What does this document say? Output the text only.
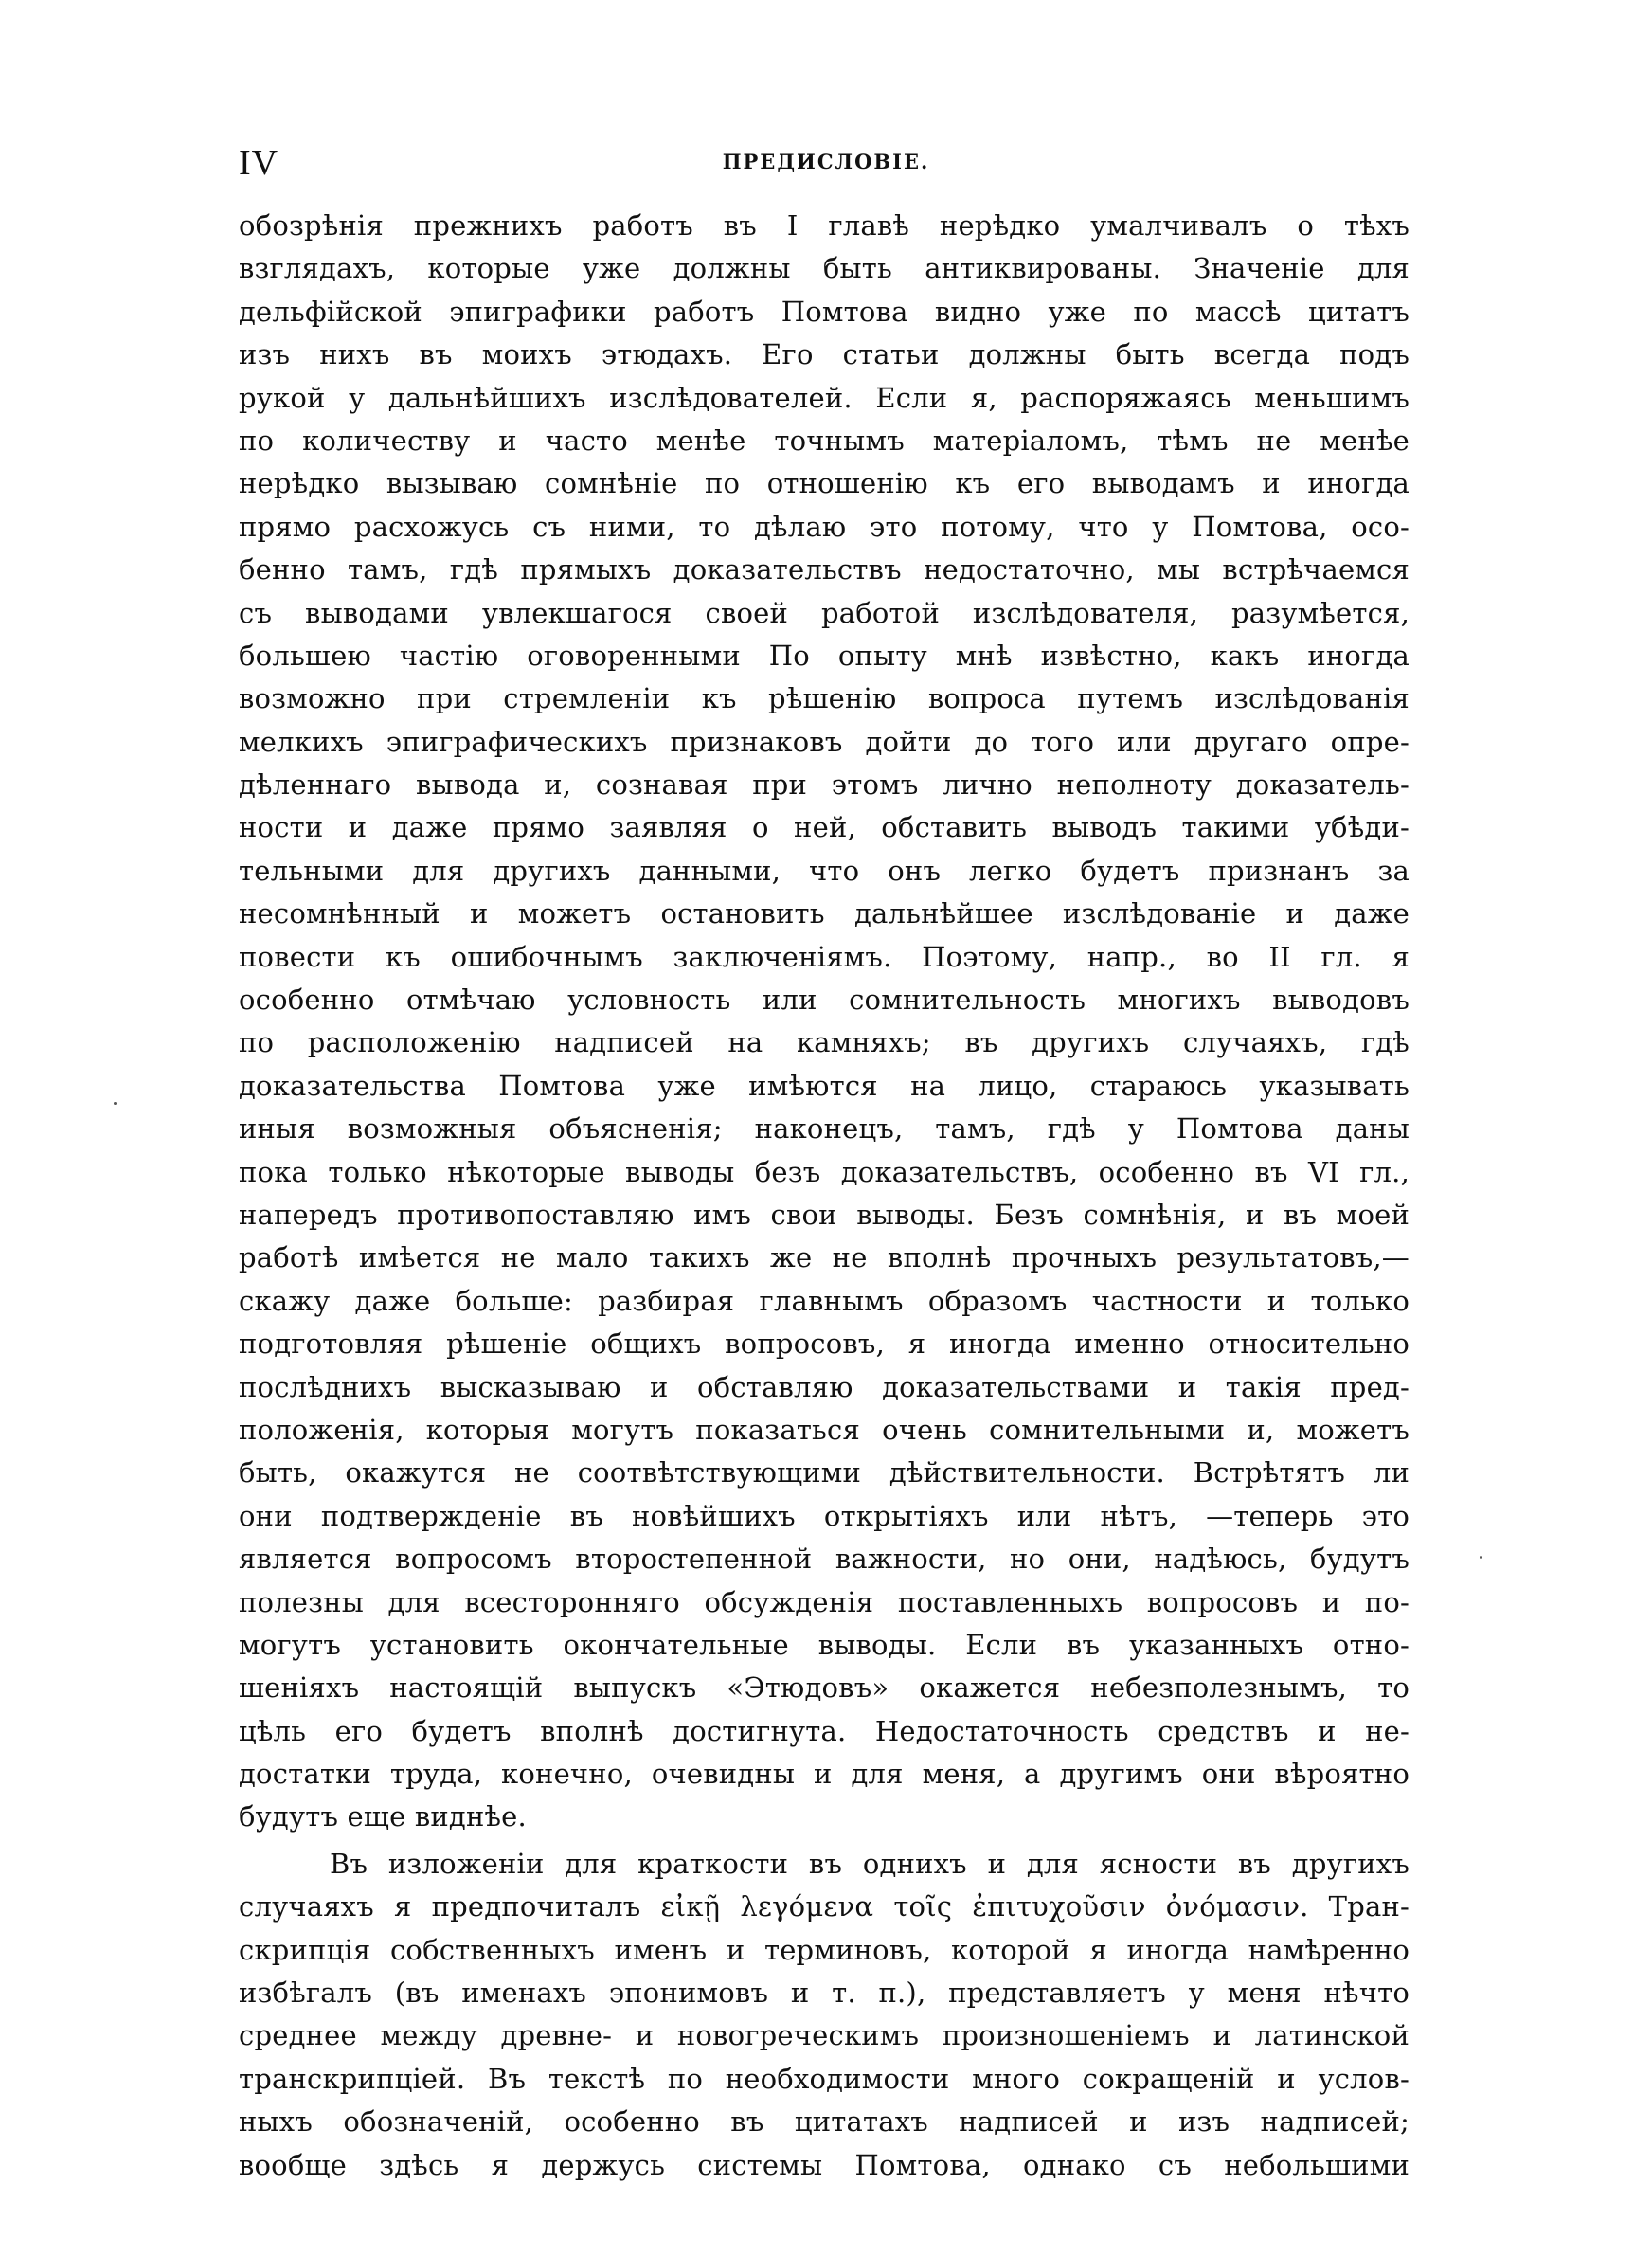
IV	ПРЕДИСЛОВІЕ.
обозрѣнія прежнихъ работъ въ I главѣ нерѣдко умалчивалъ о тѣхъ
взглядахъ, которые уже должны быть антиквированы. Значеніе для
дельфійской эпиграфики работъ Помтова видно уже по массѣ цитатъ
изъ нихъ въ моихъ этюдахъ. Его статьи должны быть всегда подъ
рукой у дальнѣйшихъ изслѣдователей. Если я, распоряжаясь меньшимъ
по количеству и часто менѣе точнымъ матеріаломъ, тѣмъ не менѣе
нерѣдко вызываю сомнѣніе по отношенію къ его выводамъ и иногда
прямо расхожусь съ ними, то дѣлаю это потому, что у Помтова, осо-
бенно тамъ, гдѣ прямыхъ доказательствъ недостаточно, мы встрѣчаемся
съ выводами увлекшагося своей работой изслѣдователя, разумѣется,
большею частію оговоренными По опыту мнѣ извѣстно, какъ иногда
возможно при стремленіи къ рѣшенію вопроса путемъ изслѣдованія
мелкихъ эпиграфическихъ признаковъ дойти до того или другаго опре-
дѣленнаго вывода и, сознавая при этомъ лично неполноту доказатель-
ности и даже прямо заявляя о ней, обставить выводъ такими убѣди-
тельными для другихъ данными, что онъ легко будетъ признанъ за
несомнѣнный и можетъ остановить дальнѣйшее изслѣдованіе и даже
повести къ ошибочнымъ заключеніямъ. Поэтому, напр., во II гл. я
особенно отмѣчаю условность или сомнительность многихъ выводовъ
по расположенію надписей на камняхъ; въ другихъ случаяхъ, гдѣ
доказательства Помтова уже имѣются на лицо, стараюсь указывать
иныя возможныя объясненія; наконецъ, тамъ, гдѣ у Помтова даны
пока только нѣкоторые выводы безъ доказательствъ, особенно въ VI гл.,
напередъ противопоставляю имъ свои выводы. Безъ сомнѣнія, и въ моей
работѣ имѣется не мало такихъ же не вполнѣ прочныхъ результатовъ,—
скажу даже больше: разбирая главнымъ образомъ частности и только
подготовляя рѣшеніе общихъ вопросовъ, я иногда именно относительно
послѣднихъ высказываю и обставляю доказательствами и такія пред-
положенія, которыя могутъ показаться очень сомнительными и, можетъ
быть, окажутся не соотвѣтствующими дѣйствительности. Встрѣтятъ ли
они подтвержденіе въ новѣйшихъ открытіяхъ или нѣтъ, —теперь это
является вопросомъ второстепенной важности, но они, надѣюсь, будутъ
полезны для всесторонняго обсужденія поставленныхъ вопросовъ и по-
могутъ установить окончательные выводы. Если въ указанныхъ отно-
шеніяхъ настоящій выпускъ «Этюдовъ» окажется небезполезнымъ, то
цѣль его будетъ вполнѣ достигнута. Недостаточность средствъ и не-
достатки труда, конечно, очевидны и для меня, а другимъ они вѣроятно
будутъ еще виднѣе.
Въ изложеніи для краткости въ однихъ и для ясности въ другихъ
случаяхъ я предпочиталъ εἰκῇ λεγόμενα τοῖς ἐπιτυχοῦσιν ὀνόμασιν. Тран-
скрипція собственныхъ именъ и терминовъ, которой я иногда намѣренно
избѣгалъ (въ именахъ эпонимовъ и т. п.), представляетъ у меня нѣчто
среднее между древне- и новогреческимъ произношеніемъ и латинской
транскрипціей. Въ текстѣ по необходимости много сокращеній и услов-
ныхъ обозначеній, особенно въ цитатахъ надписей и изъ надписей;
вообще здѣсь я держусь системы Помтова, однако съ небольшими
